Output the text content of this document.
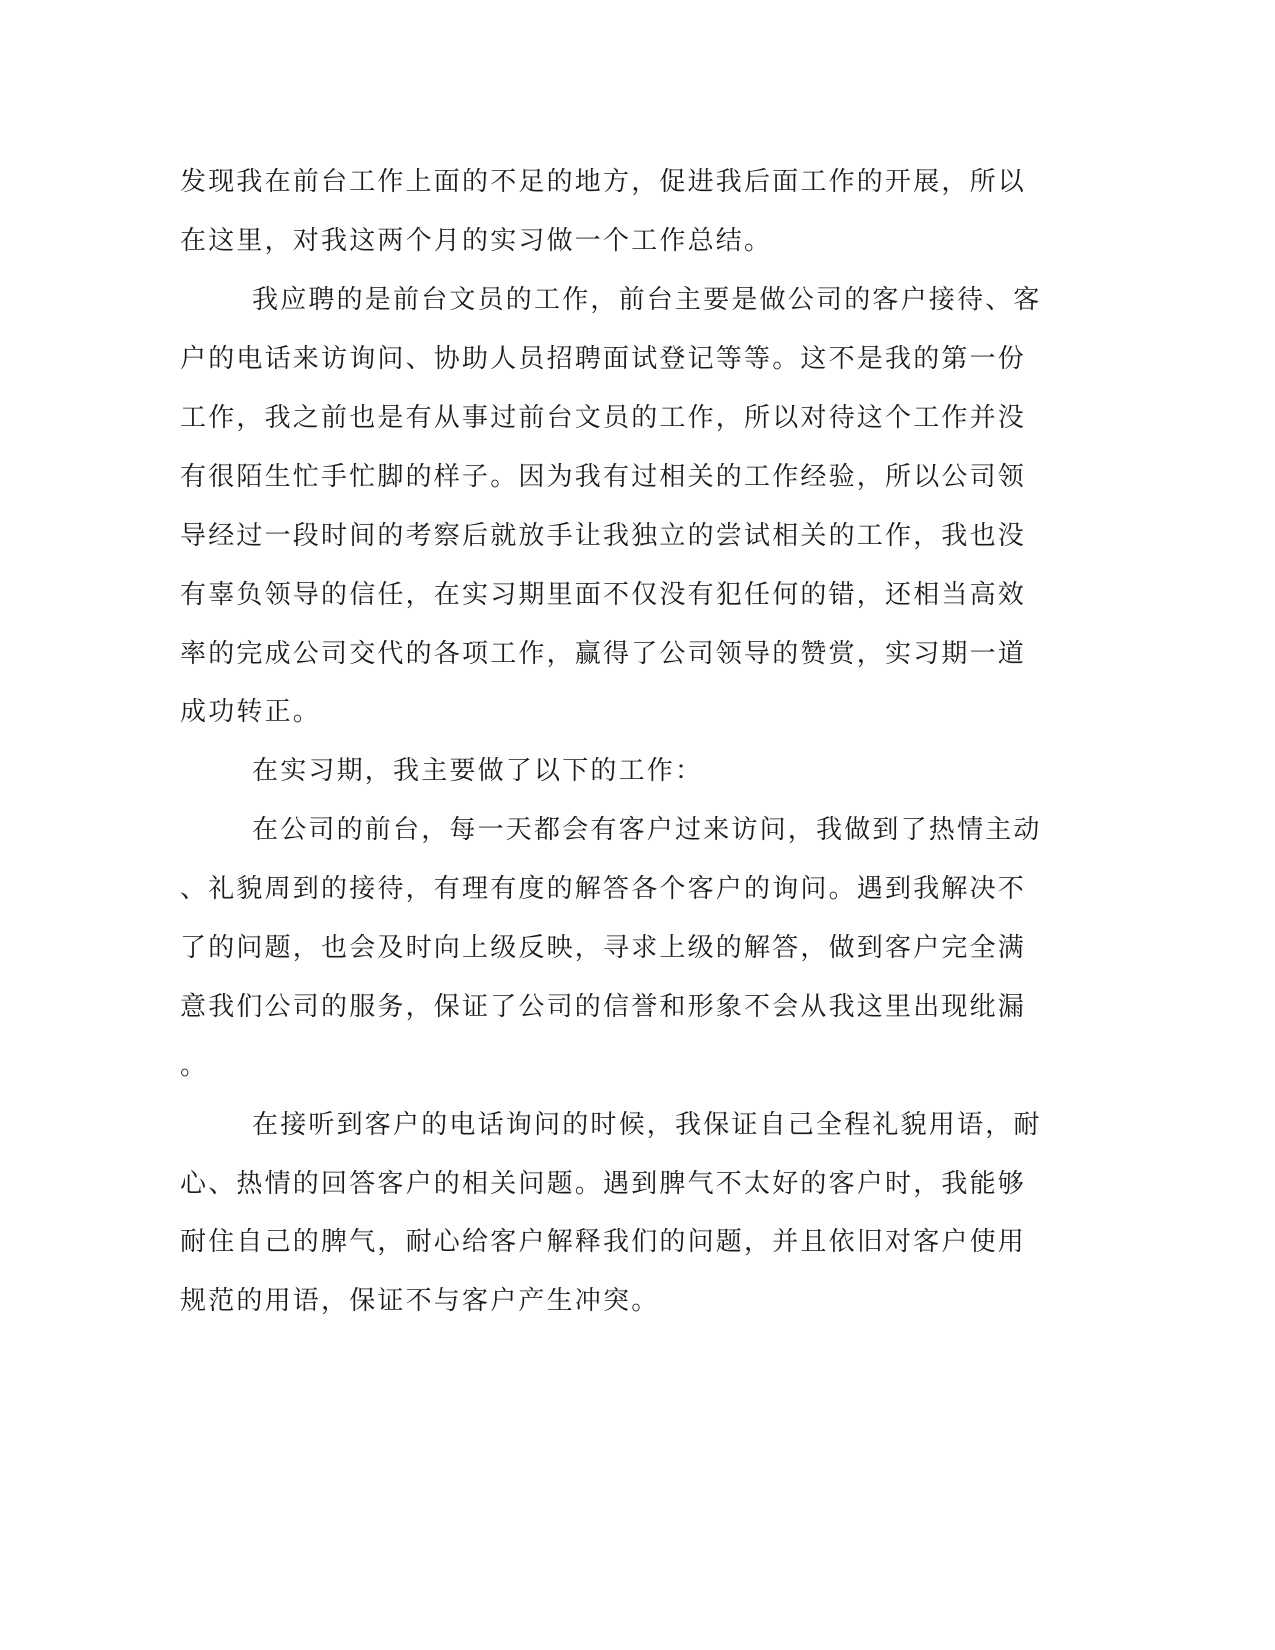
发现我在前台工作上面的不足的地方，促进我后面工作的开展，所以

在这里，对我这两个月的实习做一个工作总结。

我应聘的是前台文员的工作，前台主要是做公司的客户接待、客

户的电话来访询问、协助人员招聘面试登记等等。这不是我的第一份

工作，我之前也是有从事过前台文员的工作，所以对待这个工作并没

有很陌生忙手忙脚的样子。因为我有过相关的工作经验，所以公司领

导经过一段时间的考察后就放手让我独立的尝试相关的工作，我也没

有辜负领导的信任，在实习期里面不仅没有犯任何的错，还相当高效

率的完成公司交代的各项工作，赢得了公司领导的赞赏，实习期一道

成功转正。

在实习期，我主要做了以下的工作：

在公司的前台，每一天都会有客户过来访问，我做到了热情主动

、礼貌周到的接待，有理有度的解答各个客户的询问。遇到我解决不

了的问题，也会及时向上级反映，寻求上级的解答，做到客户完全满

意我们公司的服务，保证了公司的信誉和形象不会从我这里出现纰漏

。

在接听到客户的电话询问的时候，我保证自己全程礼貌用语，耐

心、热情的回答客户的相关问题。遇到脾气不太好的客户时，我能够

耐住自己的脾气，耐心给客户解释我们的问题，并且依旧对客户使用

规范的用语，保证不与客户产生冲突。
